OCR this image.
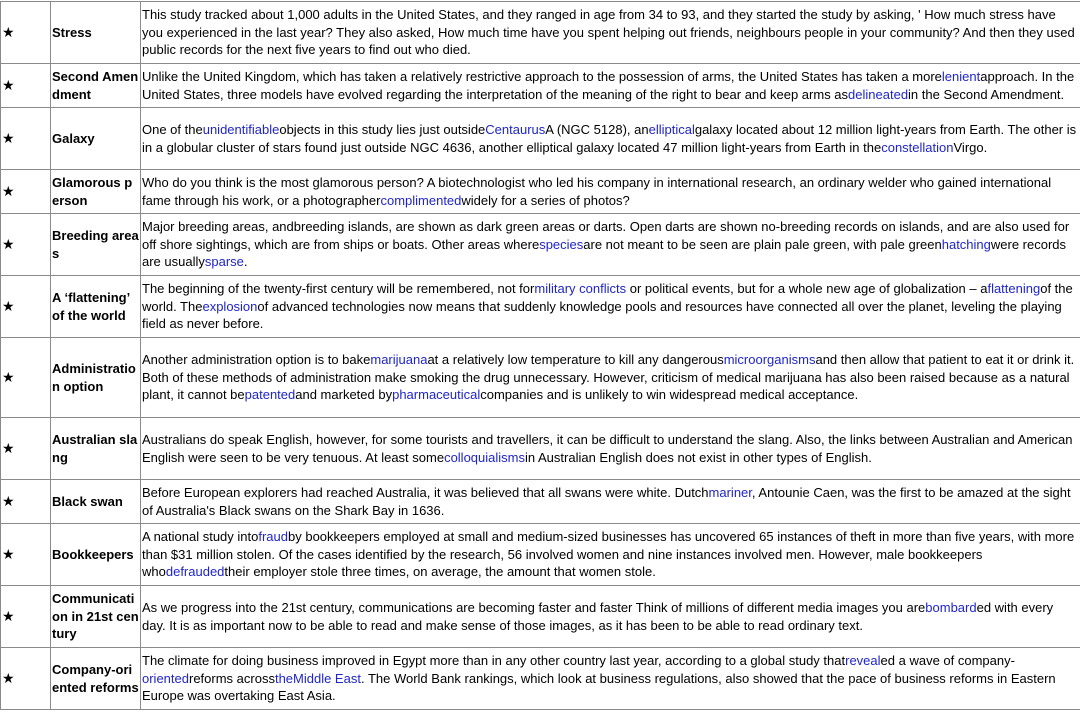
★	Stress	This study tracked about 1,000 adults in the United States, and they ranged in age from 34 to 93, and they started the study by asking, ' How much stress have you experienced in the last year? They also asked, How much time have you spent helping out friends, neighbours people in your community? And then they used public records for the next five years to find out who died.
★	Second Amendment	Unlike the United Kingdom, which has taken a relatively restrictive approach to the possession of arms, the United States has taken a morelenientapproach. In the United States, three models have evolved regarding the interpretation of the meaning of the right to bear and keep arms asdelineatedin the Second Amendment.
★	Galaxy	One of theunidentifiableobjects in this study lies just outsideCentaurusA (NGC 5128), anellipticalgalaxy located about 12 million light-years from Earth. The other is in a globular cluster of stars found just outside NGC 4636, another elliptical galaxy located 47 million light-years from Earth in theconstellationVirgo.
★	Glamorous person	Who do you think is the most glamorous person? A biotechnologist who led his company in international research, an ordinary welder who gained international fame through his work, or a photographercomplimentedwidely for a series of photos?
★	Breeding areas	Major breeding areas, andbreeding islands, are shown as dark green areas or darts. Open darts are shown no-breeding records on islands, and are also used for off shore sightings, which are from ships or boats. Other areas wherespeciesare not meant to be seen are plain pale green, with pale greenhatchingwere records are usuallysparse.
★	A ‘flattening’ of the world	The beginning of the twenty-first century will be remembered, not formilitary conflicts or political events, but for a whole new age of globalization – aflatteningof the world. Theexplosionof advanced technologies now means that suddenly knowledge pools and resources have connected all over the planet, leveling the playing field as never before.
★	Administration option	Another administration option is to bakemarijuanaat a relatively low temperature to kill any dangerousmicroorganismsand then allow that patient to eat it or drink it. Both of these methods of administration make smoking the drug unnecessary. However, criticism of medical marijuana has also been raised because as a natural plant, it cannot bepatentedand marketed bypharmaceuticalcompanies and is unlikely to win widespread medical acceptance.
★	Australian slang	Australians do speak English, however, for some tourists and travellers, it can be difficult to understand the slang. Also, the links between Australian and American English were seen to be very tenuous. At least somecolloquialismsin Australian English does not exist in other types of English.
★	Black swan	Before European explorers had reached Australia, it was believed that all swans were white. Dutchmariner, Antounie Caen, was the first to be amazed at the sight of Australia's Black swans on the Shark Bay in 1636.
★	Bookkeepers	A national study intofraudby bookkeepers employed at small and medium-sized businesses has uncovered 65 instances of theft in more than five years, with more than $31 million stolen. Of the cases identified by the research, 56 involved women and nine instances involved men. However, male bookkeepers whodefraudedtheir employer stole three times, on average, the amount that women stole.
★	Communication in 21st century	As we progress into the 21st century, communications are becoming faster and faster Think of millions of different media images you arebombarded with every day. It is as important now to be able to read and make sense of those images, as it has been to be able to read ordinary text.
★	Company-oriented reforms	The climate for doing business improved in Egypt more than in any other country last year, according to a global study thatrevealed a wave of company-orientedreforms acrosstheMiddle East. The World Bank rankings, which look at business regulations, also showed that the pace of business reforms in Eastern Europe was overtaking East Asia.
